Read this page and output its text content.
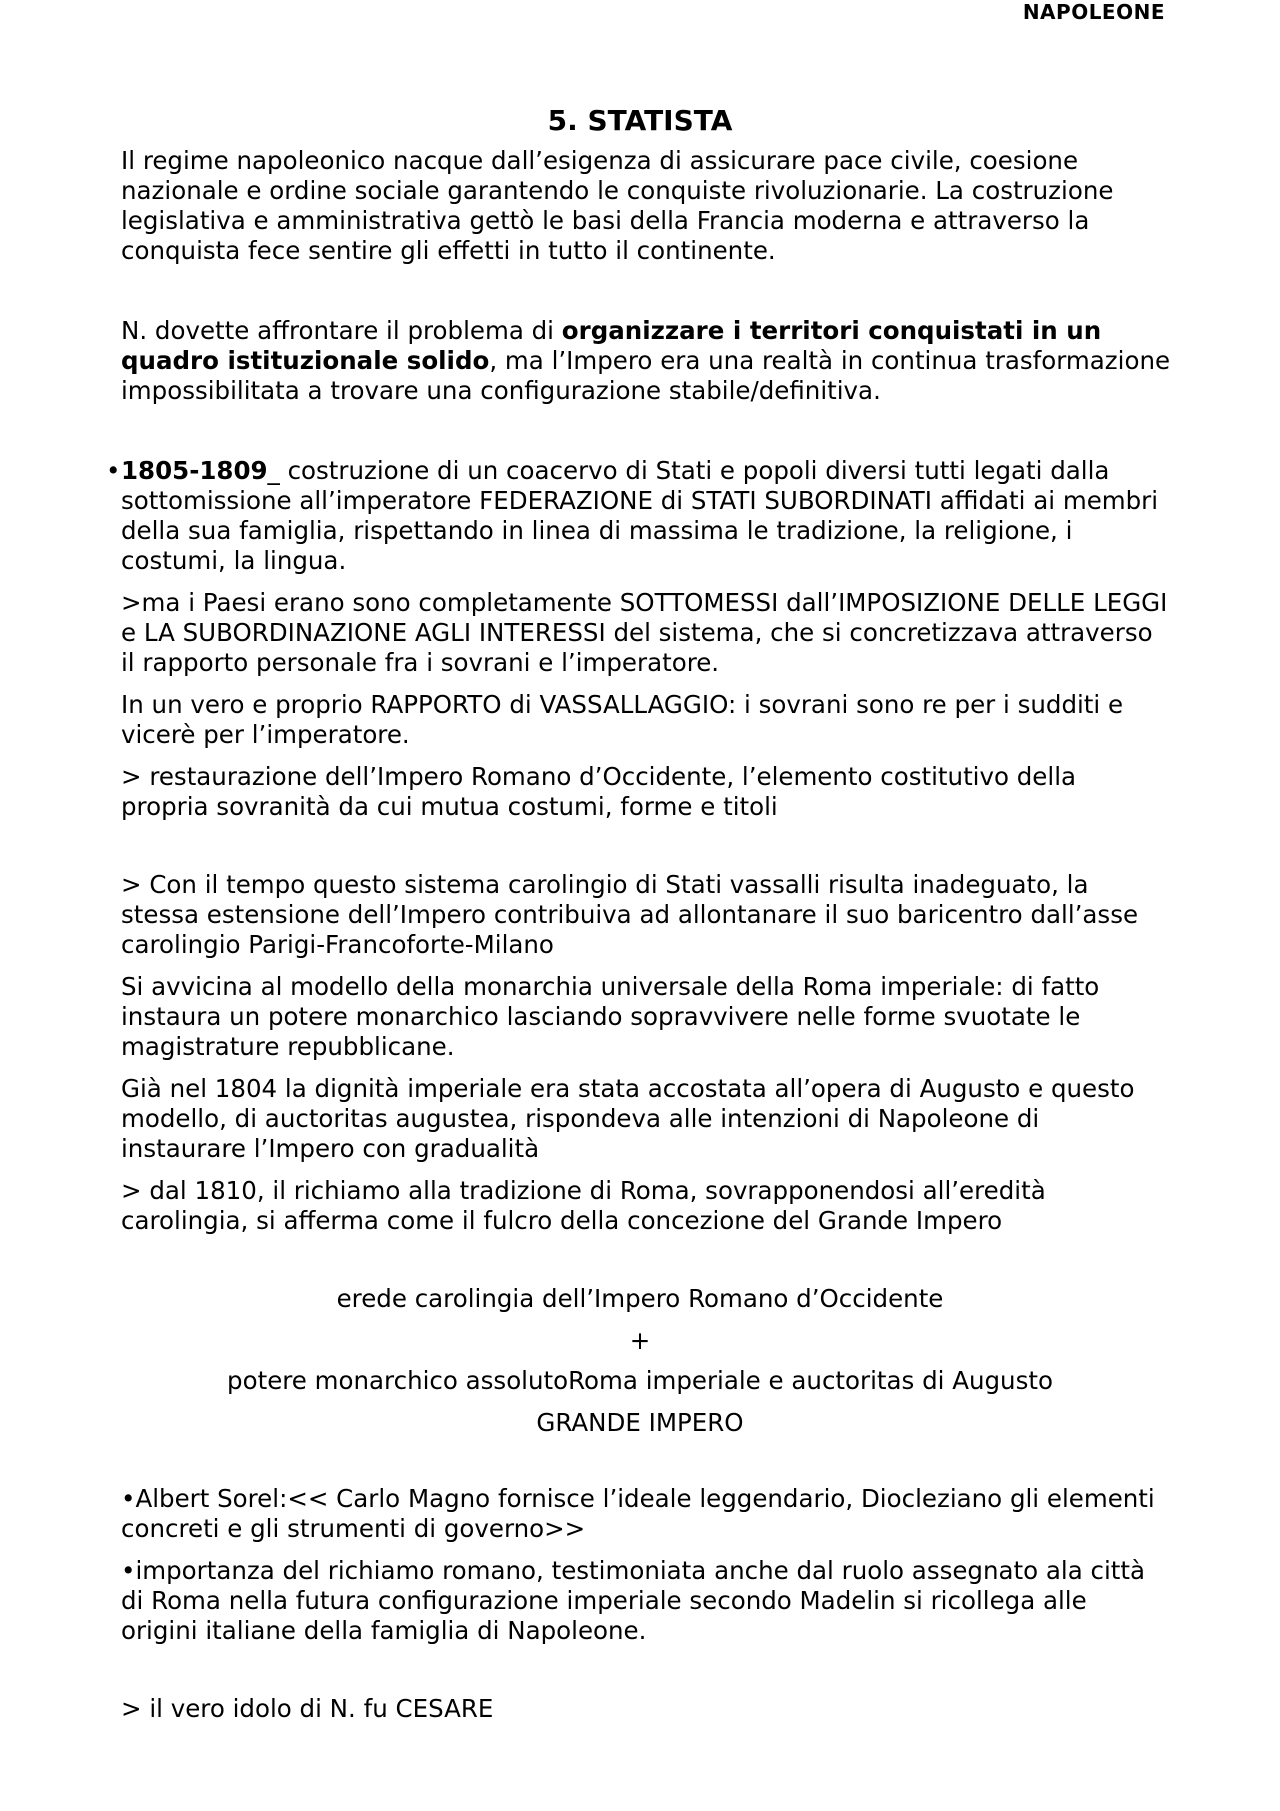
NAPOLEONE
5. STATISTA

Il regime napoleonico nacque dall’esigenza di assicurare pace civile, coesione nazionale e ordine sociale garantendo le conquiste rivoluzionarie. La costruzione legislativa e amministrativa gettò le basi della Francia moderna e attraverso la conquista fece sentire gli effetti in tutto il continente.

N. dovette affrontare il problema di organizzare i territori conquistati in un quadro istituzionale solido, ma l’Impero era una realtà in continua trasformazione impossibilitata a trovare una configurazione stabile/definitiva.

• 1805-1809_ costruzione di un coacervo di Stati e popoli diversi tutti legati dalla sottomissione all’imperatore FEDERAZIONE di STATI SUBORDINATI affidati ai membri della sua famiglia, rispettando in linea di massima le tradizione, la religione, i costumi, la lingua.

>ma i Paesi erano sono completamente SOTTOMESSI dall’IMPOSIZIONE DELLE LEGGI e LA SUBORDINAZIONE AGLI INTERESSI del sistema, che si concretizzava attraverso il rapporto personale fra i sovrani e l’imperatore.

In un vero e proprio RAPPORTO di VASSALLAGGIO: i sovrani sono re per i sudditi e vicerè per l’imperatore.

> restaurazione dell’Impero Romano d’Occidente, l’elemento costitutivo della propria sovranità da cui mutua costumi, forme e titoli

> Con il tempo questo sistema carolingio di Stati vassalli risulta inadeguato, la stessa estensione dell’Impero contribuiva ad allontanare il suo baricentro dall’asse carolingio Parigi-Francoforte-Milano

Si avvicina al modello della monarchia universale della Roma imperiale: di fatto instaura un potere monarchico lasciando sopravvivere nelle forme svuotate le magistrature repubblicane.

Già nel 1804 la dignità imperiale era stata accostata all’opera di Augusto e questo modello, di auctoritas augustea, rispondeva alle intenzioni di Napoleone di instaurare l’Impero con gradualità

> dal 1810, il richiamo alla tradizione di Roma, sovrapponendosi all’eredità carolingia, si afferma come il fulcro della concezione del Grande Impero

erede carolingia dell’Impero Romano d’Occidente

+

potere monarchico assolutoRoma imperiale e auctoritas di Augusto

GRANDE IMPERO

•Albert Sorel:<< Carlo Magno fornisce l’ideale leggendario, Diocleziano gli elementi concreti e gli strumenti di governo>>

•importanza del richiamo romano, testimoniata anche dal ruolo assegnato ala città di Roma nella futura configurazione imperiale secondo Madelin si ricollega alle origini italiane della famiglia di Napoleone.

> il vero idolo di N. fu CESARE
